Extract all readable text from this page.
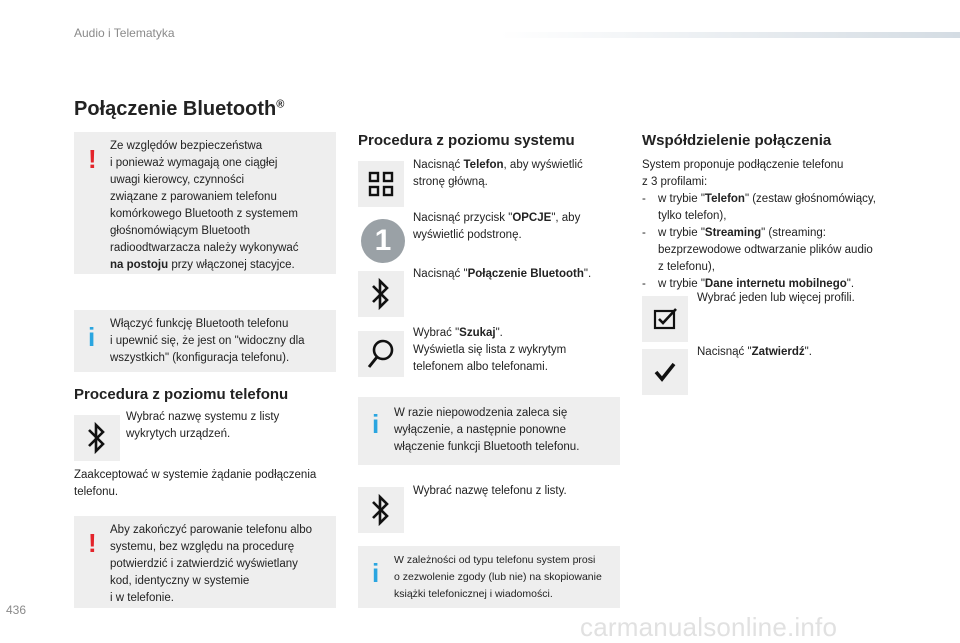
Audio i Telematyka
Połączenie Bluetooth®
! Ze względów bezpieczeństwa
i ponieważ wymagają one ciągłej
uwagi kierowcy, czynności
związane z parowaniem telefonu
komórkowego Bluetooth z systemem
głośnomówiącym Bluetooth
radioodtwarzacza należy wykonywać
na postoju przy włączonej stacyjce.
i Włączyć funkcję Bluetooth telefonu
i upewnić się, że jest on "widoczny dla
wszystkich" (konfiguracja telefonu).
Procedura z poziomu telefonu
Wybrać nazwę systemu z listy
wykrytych urządzeń.
Zaakceptować w systemie żądanie podłączenia
telefonu.
! Aby zakończyć parowanie telefonu albo
systemu, bez względu na procedurę
potwierdzić i zatwierdzić wyświetlany
kod, identyczny w systemie
i w telefonie.
Procedura z poziomu systemu
Nacisnąć Telefon, aby wyświetlić
stronę główną.
1
Nacisnąć przycisk "OPCJE", aby
wyświetlić podstronę.
Nacisnąć "Połączenie Bluetooth".
Wybrać "Szukaj".
Wyświetla się lista z wykrytym
telefonem albo telefonami.
i W razie niepowodzenia zaleca się
wyłączenie, a następnie ponowne
włączenie funkcji Bluetooth telefonu.
Wybrać nazwę telefonu z listy.
i W zależności od typu telefonu system prosi
o zezwolenie zgody (lub nie) na skopiowanie
książki telefonicznej i wiadomości.
Współdzielenie połączenia
System proponuje podłączenie telefonu
z 3 profilami:
-	w trybie "Telefon" (zestaw głośnomówiący,
tylko telefon),
-	w trybie "Streaming" (streaming:
bezprzewodowe odtwarzanie plików audio
z telefonu),
-	w trybie "Dane internetu mobilnego".
Wybrać jeden lub więcej profili.
Nacisnąć "Zatwierdź".
436
carmanualsonline.info
